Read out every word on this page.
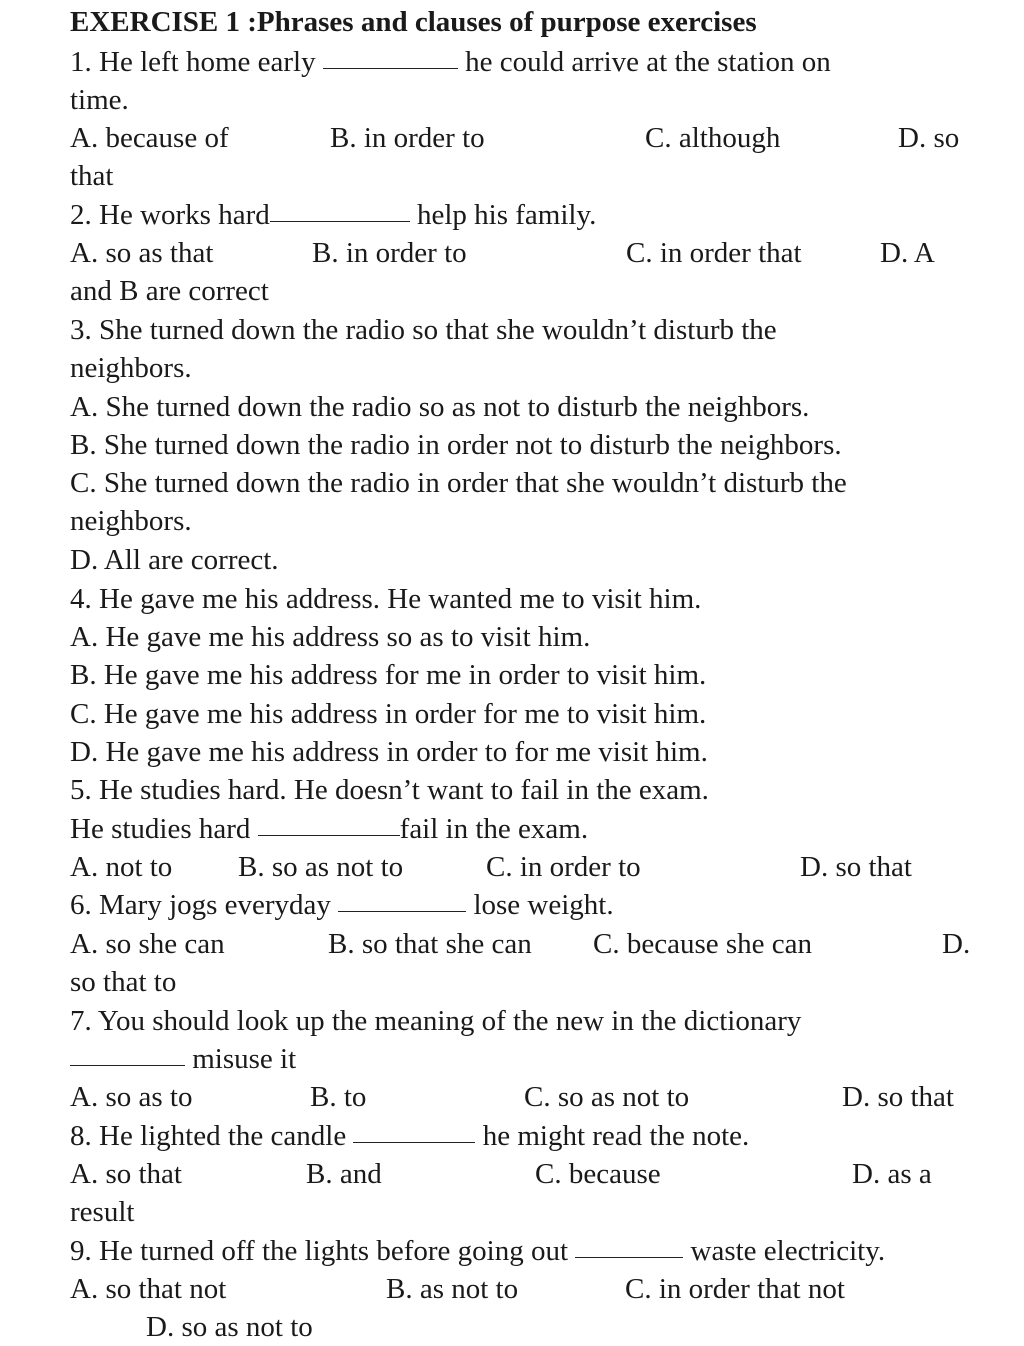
EXERCISE 1 :Phrases and clauses of purpose exercises
1. He left home early	he could arrive at the station on
time.
A. because of	B. in order to	C. although	D. so
that
2. He works hard	help his family.
A. so as that	B. in order to	C. in order that	D. A
and B are correct
3. She turned down the radio so that she wouldn’t disturb the
neighbors.
A. She turned down the radio so as not to disturb the neighbors.
B. She turned down the radio in order not to disturb the neighbors.
C. She turned down the radio in order that she wouldn’t disturb the
neighbors.
D. All are correct.
4. He gave me his address. He wanted me to visit him.
A. He gave me his address so as to visit him.
B. He gave me his address for me in order to visit him.
C. He gave me his address in order for me to visit him.
D. He gave me his address in order to for me visit him.
5. He studies hard. He doesn’t want to fail in the exam.
He studies hard	fail in the exam.
A. not to B. so as not to	C. in order to	D. so that
6. Mary jogs everyday	lose weight.
A. so she can	B. so that she can C. because she can	D.
so that to
7. You should look up the meaning of the new in the dictionary
misuse it
A. so as to	B. to	C. so as not to	D. so that
8. He lighted the candle	he might read the note.
A. so that	B. and	C. because	D. as a
result
9. He turned off the lights before going out	waste electricity.
A. so that not	B. as not to	C. in order that not
D. so as not to
